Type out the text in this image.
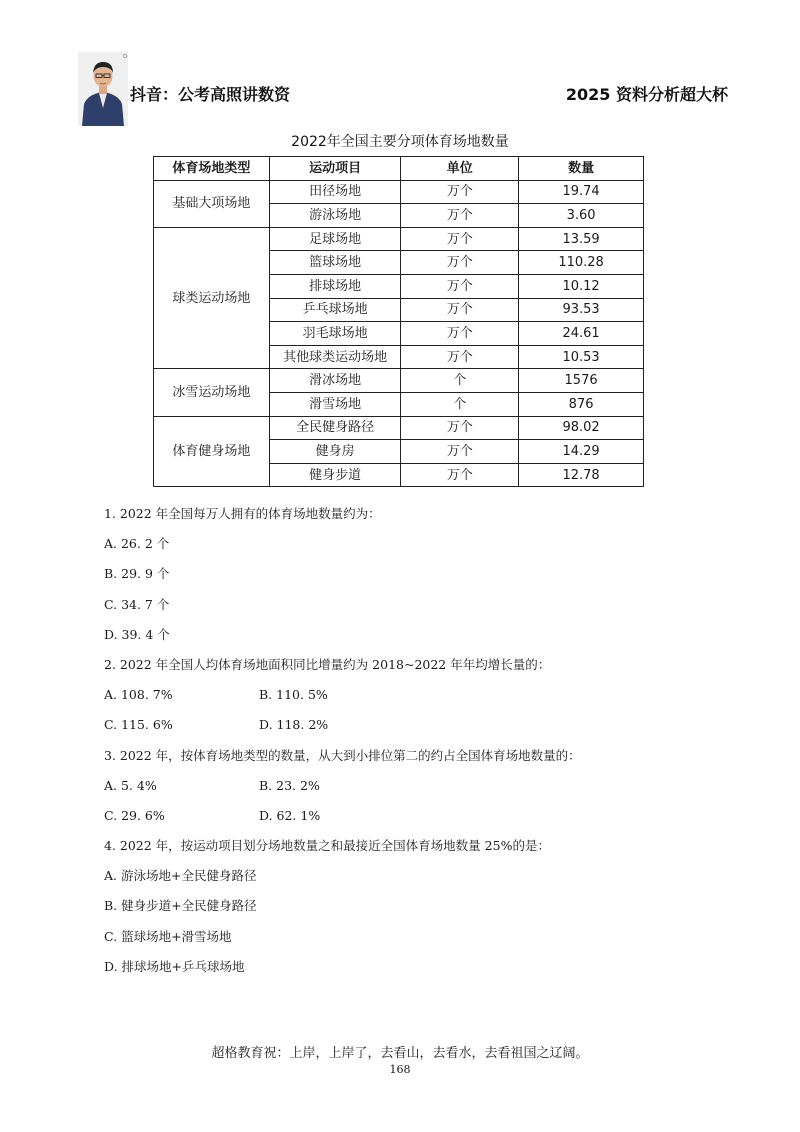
抖音：公考高照讲数资	2025 资料分析超大杯
2022年全国主要分项体育场地数量
体育场地类型	运动项目	单位	数量
基础大项场地	田径场地	万个	19.74
	游泳场地	万个	3.60
球类运动场地	足球场地	万个	13.59
	篮球场地	万个	110.28
	排球场地	万个	10.12
	乒乓球场地	万个	93.53
	羽毛球场地	万个	24.61
	其他球类运动场地	万个	10.53
冰雪运动场地	滑冰场地	个	1576
	滑雪场地	个	876
体育健身场地	全民健身路径	万个	98.02
	健身房	万个	14.29
	健身步道	万个	12.78
1. 2022 年全国每万人拥有的体育场地数量约为：
A. 26. 2 个
B. 29. 9 个
C. 34. 7 个
D. 39. 4 个
2. 2022 年全国人均体育场地面积同比增量约为 2018~2022 年年均增长量的：
A. 108. 7%	B. 110. 5%
C. 115. 6%	D. 118. 2%
3. 2022 年，按体育场地类型的数量，从大到小排位第二的约占全国体育场地数量的：
A. 5. 4%	B. 23. 2%
C. 29. 6%	D. 62. 1%
4. 2022 年，按运动项目划分场地数量之和最接近全国体育场地数量 25%的是：
A. 游泳场地+全民健身路径
B. 健身步道+全民健身路径
C. 篮球场地+滑雪场地
D. 排球场地+乒乓球场地
超格教育祝：上岸，上岸了，去看山，去看水，去看祖国之辽阔。
168
